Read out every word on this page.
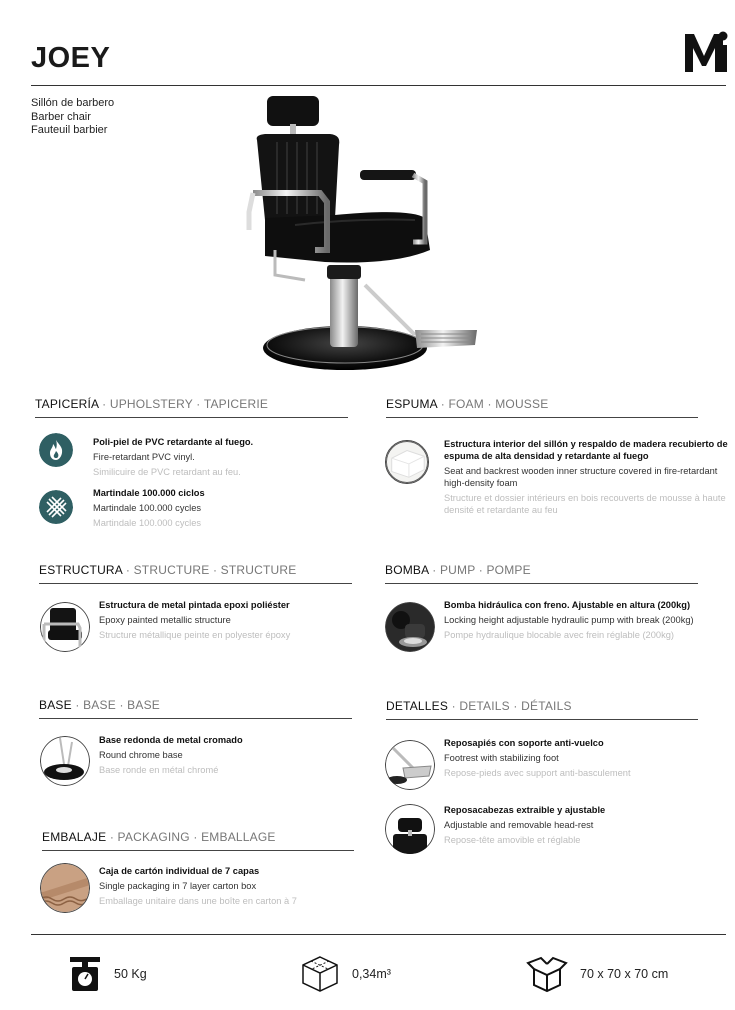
JOEY
Sillón de barbero
Barber chair
Fauteuil barbier
TAPICERÍA · UPHOLSTERY · TAPICERIE
Poli-piel de PVC retardante al fuego.
Fire-retardant PVC vinyl.
Similicuire de PVC retardant au feu.
Martindale 100.000 ciclos
Martindale 100.000 cycles
Martindale 100.000 cycles
ESPUMA · FOAM · MOUSSE
Estructura interior del sillón y respaldo de madera recubierto de espuma de alta densidad y retardante al fuego
Seat and backrest wooden inner structure covered in fire-retardant high-density foam
Structure et dossier intérieurs en bois recouverts de mousse à haute densité et retardante au feu
ESTRUCTURA · STRUCTURE · STRUCTURE
Estructura de metal pintada epoxi poliéster
Epoxy painted metallic structure
Structure métallique peinte en polyester époxy
BOMBA · PUMP · POMPE
Bomba hidráulica con freno. Ajustable en altura (200kg)
Locking height adjustable hydraulic pump with break (200kg)
Pompe hydraulique blocable avec frein réglable (200kg)
BASE · BASE · BASE
Base redonda de metal cromado
Round chrome base
Base ronde en métal chromé
DETALLES · DETAILS · DÉTAILS
Reposapiés con soporte anti-vuelco
Footrest with stabilizing foot
Repose-pieds avec support anti-basculement
Reposacabezas extraible y ajustable
Adjustable and removable head-rest
Repose-tête amovible et réglable
EMBALAJE · PACKAGING · EMBALLAGE
Caja de cartón individual de 7 capas
Single packaging in 7 layer carton box
Emballage unitaire dans une boîte en carton à 7
50 Kg	0,34m³	70 x 70 x 70 cm
